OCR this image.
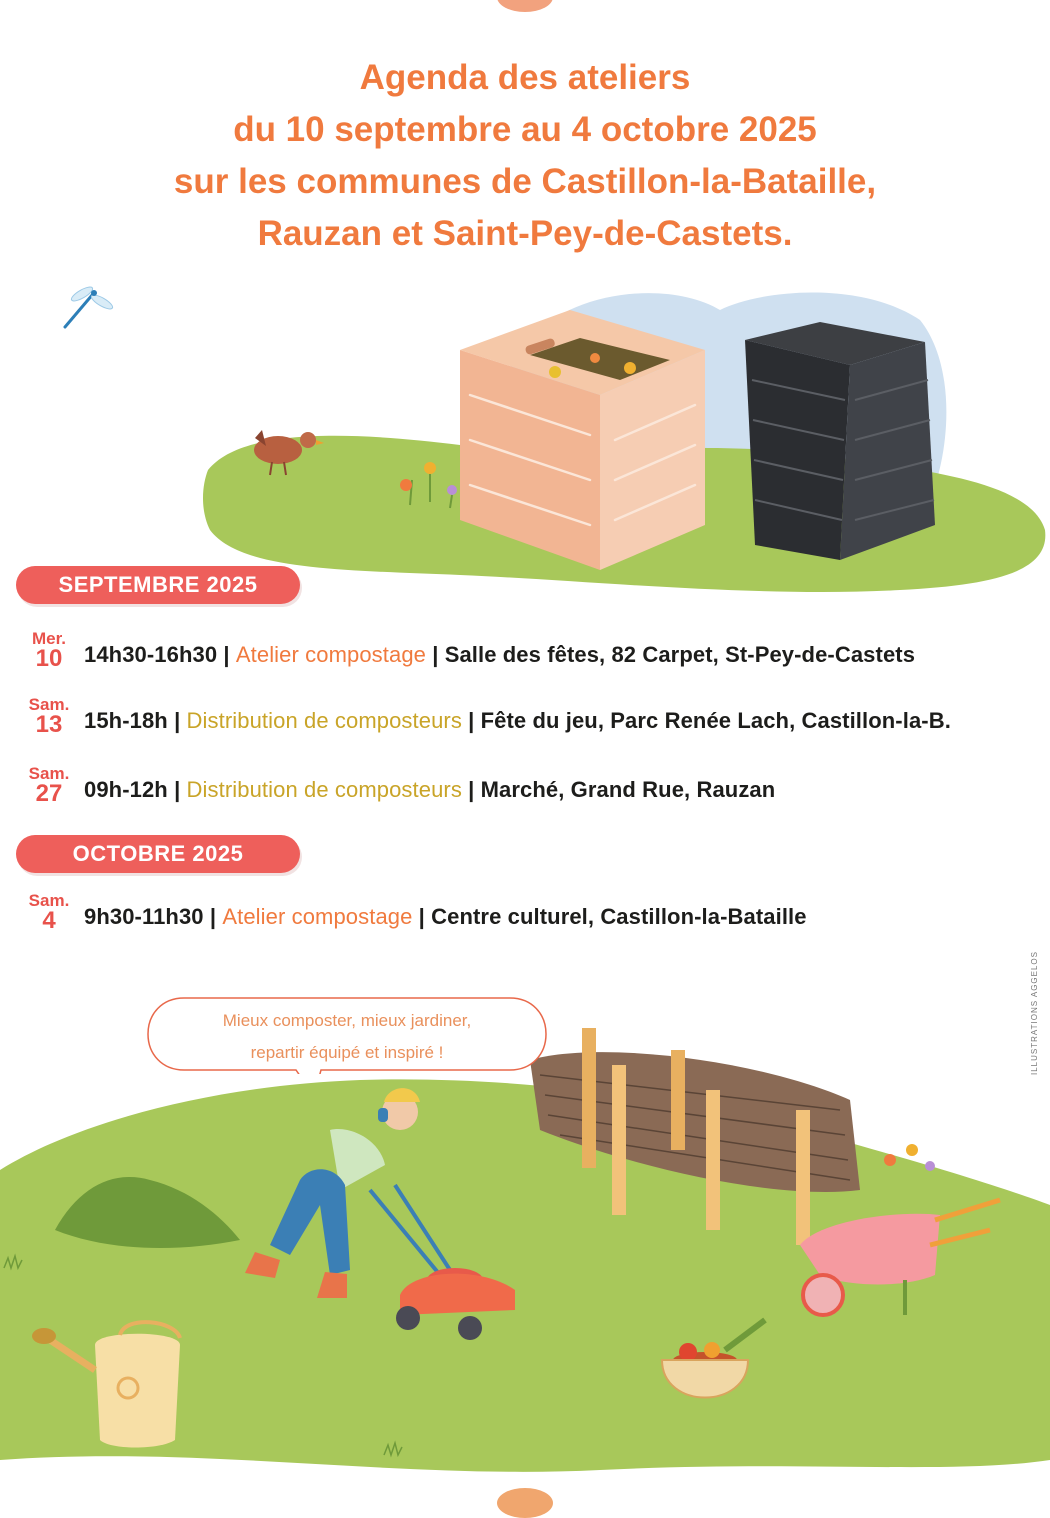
Agenda des ateliers
du 10 septembre au 4 octobre 2025
sur les communes de Castillon-la-Bataille,
Rauzan et Saint-Pey-de-Castets.
SEPTEMBRE 2025
Mer.
10 14h30-16h30 | Atelier compostage | Salle des fêtes, 82 Carpet, St-Pey-de-Castets
Sam.
13 15h-18h | Distribution de composteurs | Fête du jeu, Parc Renée Lach, Castillon-la-B.
Sam.
27 09h-12h | Distribution de composteurs | Marché, Grand Rue, Rauzan
OCTOBRE 2025
Sam.
4	9h30-11h30 | Atelier compostage | Centre culturel, Castillon-la-Bataille
ILLUSTRATIONS AGGELOS
Mieux composter, mieux jardiner,
repartir équipé et inspiré !
